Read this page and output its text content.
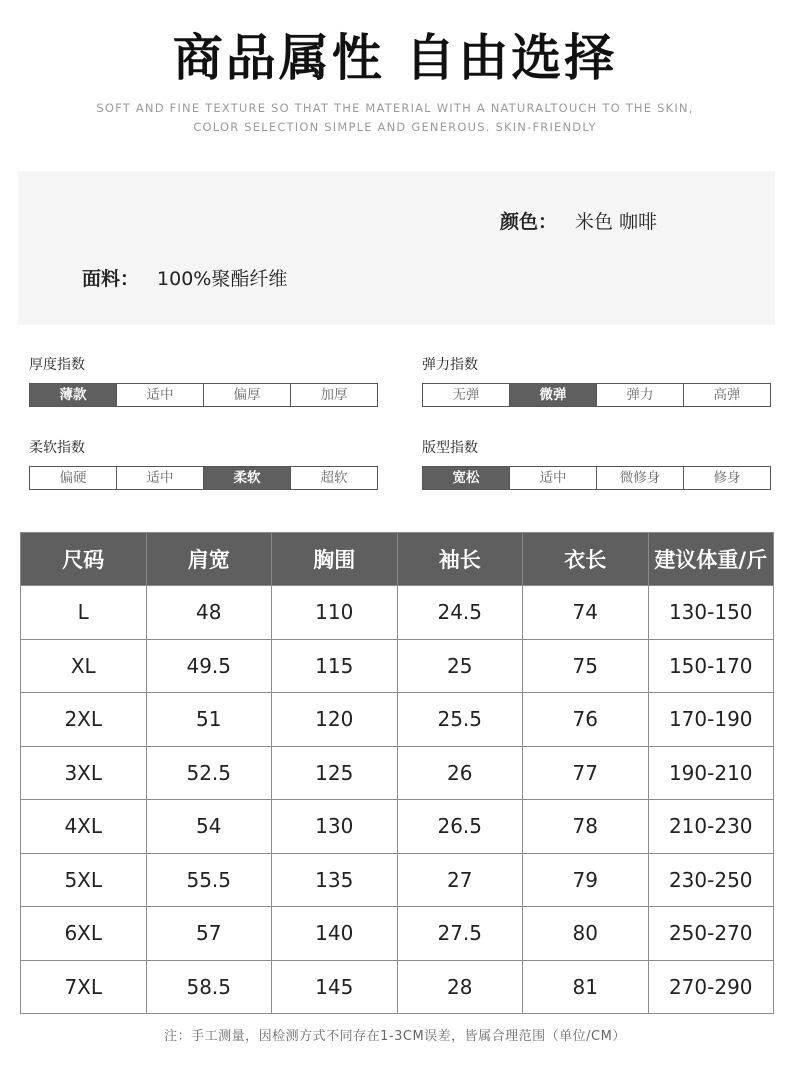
商品属性 自由选择
SOFT AND FINE TEXTURE SO THAT THE MATERIAL WITH A NATURALTOUCH TO THE SKIN,
COLOR SELECTION SIMPLE AND GENEROUS. SKIN-FRIENDLY
颜色： 米色 咖啡
面料： 100%聚酯纤维
厚度指数
薄款	适中	偏厚	加厚
弹力指数
无弹	微弹	弹力	高弹
柔软指数
偏硬	适中	柔软	超软
版型指数
宽松	适中	微修身	修身
尺码	肩宽	胸围	袖长	衣长	建议体重/斤
L	48	110	24.5	74	130-150
XL	49.5	115	25	75	150-170
2XL	51	120	25.5	76	170-190
3XL	52.5	125	26	77	190-210
4XL	54	130	26.5	78	210-230
5XL	55.5	135	27	79	230-250
6XL	57	140	27.5	80	250-270
7XL	58.5	145	28	81	270-290
注：手工测量，因检测方式不同存在1-3CM误差，皆属合理范围（单位/CM）
